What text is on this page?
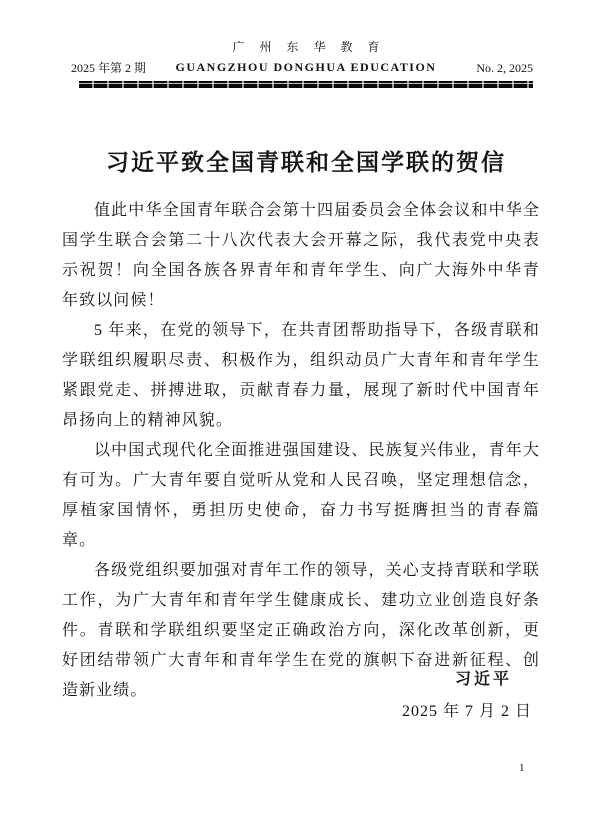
广 州 东 华 教 育
2025 年第 2 期 GUANGZHOU DONGHUA EDUCATION	No. 2, 2025
习近平致全国青联和全国学联的贺信

值此中华全国青年联合会第十四届委员会全体会议和中华全国学生联合会第二十八次代表大会开幕之际，我代表党中央表示祝贺！向全国各族各界青年和青年学生、向广大海外中华青年致以问候！

5 年来，在党的领导下，在共青团帮助指导下，各级青联和学联组织履职尽责、积极作为，组织动员广大青年和青年学生紧跟党走、拼搏进取，贡献青春力量，展现了新时代中国青年昂扬向上的精神风貌。

以中国式现代化全面推进强国建设、民族复兴伟业，青年大有可为。广大青年要自觉听从党和人民召唤，坚定理想信念，厚植家国情怀，勇担历史使命，奋力书写挺膺担当的青春篇章。

各级党组织要加强对青年工作的领导，关心支持青联和学联工作，为广大青年和青年学生健康成长、建功立业创造良好条件。青联和学联组织要坚定正确政治方向，深化改革创新，更好团结带领广大青年和青年学生在党的旗帜下奋进新征程、创造新业绩。

习近平
2025 年 7 月 2 日
1
